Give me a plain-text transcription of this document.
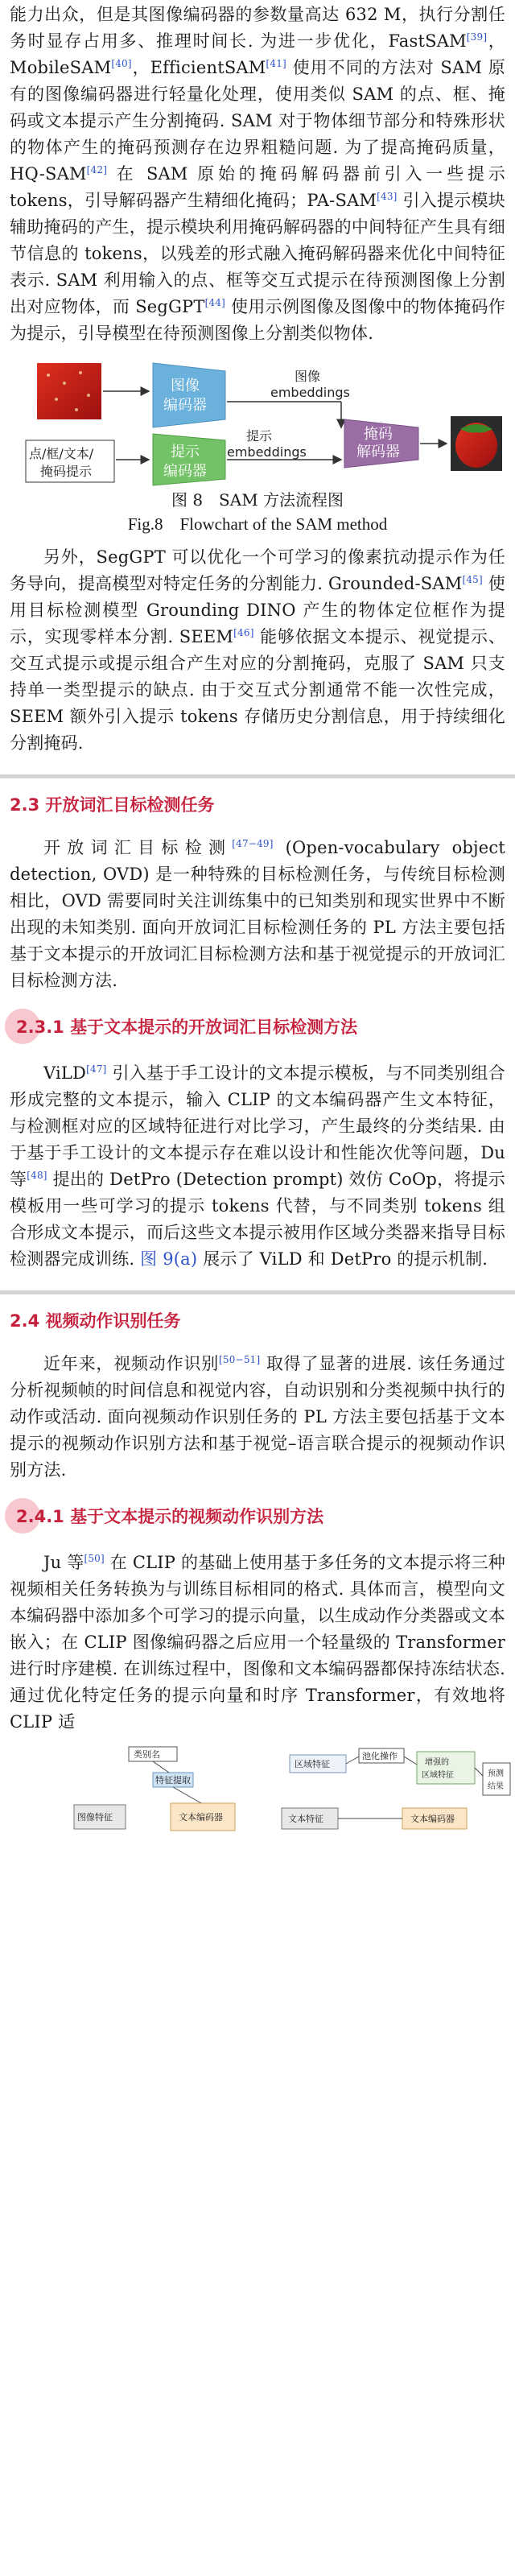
能力出众，但是其图像编码器的参数量高达 632 M，执行分割任务时显存占用多、推理时间长. 为进一步优化，FastSAM[39]，MobileSAM[40]，EfficientSAM[41] 使用不同的方法对 SAM 原有的图像编码器进行轻量化处理，使用类似 SAM 的点、框、掩码或文本提示产生分割掩码. SAM 对于物体细节部分和特殊形状的物体产生的掩码预测存在边界粗糙问题. 为了提高掩码质量，HQ-SAM[42] 在 SAM 原始的掩码解码器前引入一些提示 tokens，引导解码器产生精细化掩码；PA-SAM[43] 引入提示模块辅助掩码的产生，提示模块利用掩码解码器的中间特征产生具有细节信息的 tokens，以残差的形式融入掩码解码器来优化中间特征表示. SAM 利用输入的点、框等交互式提示在待预测图像上分割出对应物体，而 SegGPT[44] 使用示例图像及图像中的物体掩码作为提示，引导模型在待预测图像上分割类似物体.

图像 编码器
图像 embeddings
掩码 解码器
点/框/文本/ 掩码提示
提示 编码器
提示 embeddings

图 8　SAM 方法流程图

Fig.8　Flowchart of the SAM method

另外，SegGPT 可以优化一个可学习的像素抗动提示作为任务导向，提高模型对特定任务的分割能力. Grounded-SAM[45] 使用目标检测模型 Grounding DINO 产生的物体定位框作为提示，实现零样本分割. SEEM[46] 能够依据文本提示、视觉提示、交互式提示或提示组合产生对应的分割掩码，克服了 SAM 只支持单一类型提示的缺点. 由于交互式分割通常不能一次性完成，SEEM 额外引入提示 tokens 存储历史分割信息，用于持续细化分割掩码.

2.3 开放词汇目标检测任务

开放词汇目标检测[47−49] (Open-vocabulary object detection, OVD) 是一种特殊的目标检测任务，与传统目标检测相比，OVD 需要同时关注训练集中的已知类别和现实世界中不断出现的未知类别. 面向开放词汇目标检测任务的 PL 方法主要包括基于文本提示的开放词汇目标检测方法和基于视觉提示的开放词汇目标检测方法.

2.3.1 基于文本提示的开放词汇目标检测方法

ViLD[47] 引入基于手工设计的文本提示模板，与不同类别组合形成完整的文本提示，输入 CLIP 的文本编码器产生文本特征，与检测框对应的区域特征进行对比学习，产生最终的分类结果. 由于基于手工设计的文本提示存在难以设计和性能次优等问题，Du 等[48] 提出的 DetPro (Detection prompt) 效仿 CoOp，将提示模板用一些可学习的提示 tokens 代替，与不同类别 tokens 组合形成文本提示，而后这些文本提示被用作区域分类器来指导目标检测器完成训练. 图 9(a) 展示了 ViLD 和 DetPro 的提示机制.

2.4 视频动作识别任务

近年来，视频动作识别[50−51] 取得了显著的进展. 该任务通过分析视频帧的时间信息和视觉内容，自动识别和分类视频中执行的动作或活动. 面向视频动作识别任务的 PL 方法主要包括基于文本提示的视频动作识别方法和基于视觉–语言联合提示的视频动作识别方法.

2.4.1 基于文本提示的视频动作识别方法

Ju 等[50] 在 CLIP 的基础上使用基于多任务的文本提示将三种视频相关任务转换为与训练目标相同的格式. 具体而言，模型向文本编码器中添加多个可学习的提示向量，以生成动作分类器或文本嵌入；在 CLIP 图像编码器之后应用一个轻量级的 Transformer 进行时序建模. 在训练过程中，图像和文本编码器都保持冻结状态. 通过优化特定任务的提示向量和时序 Transformer，有效地将 CLIP 适

类别名
特征提取
图像特征	文本编码器
区域特征
池化操作
增强的 区域特征	预测 结果
文本特征	文本编码器
